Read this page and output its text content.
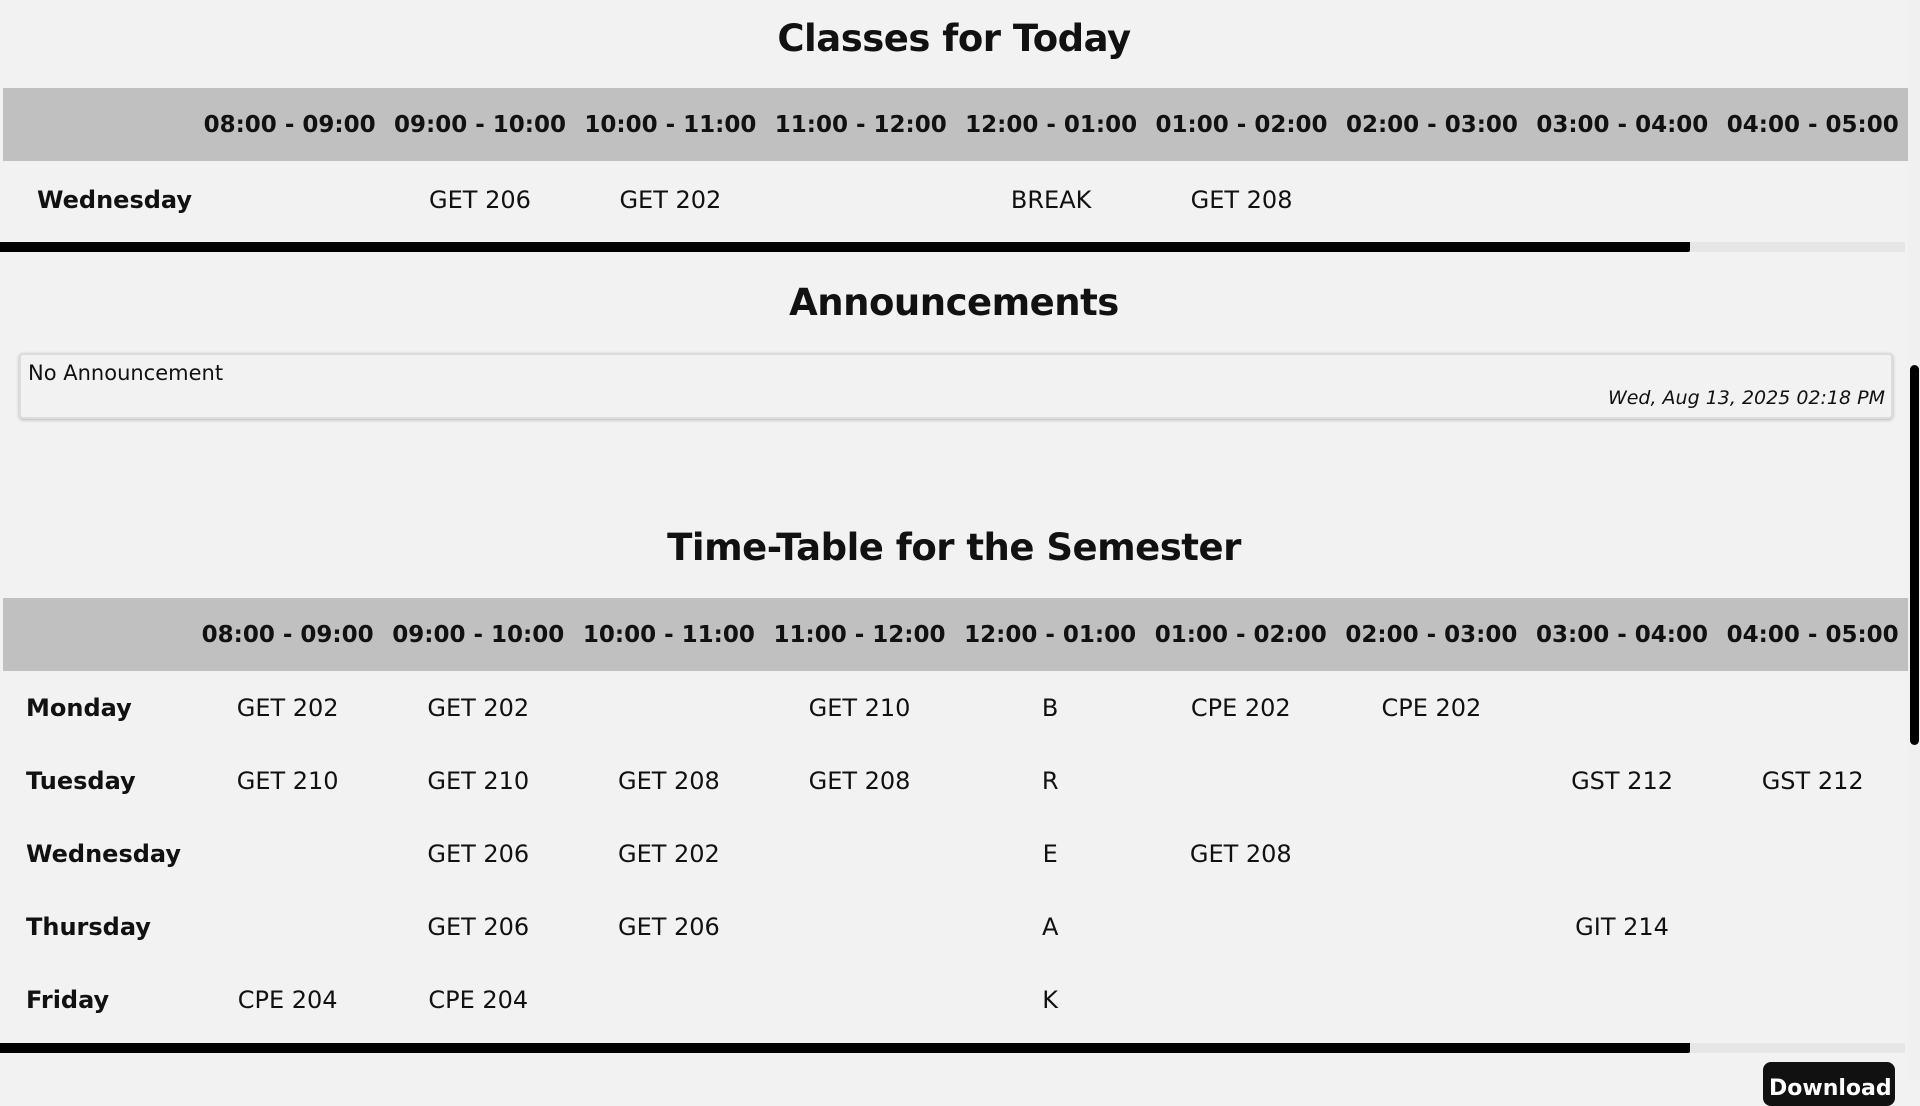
Classes for Today
	08:00 - 09:00	09:00 - 10:00	10:00 - 11:00	11:00 - 12:00	12:00 - 01:00	01:00 - 02:00	02:00 - 03:00	03:00 - 04:00	04:00 - 05:00
Wednesday		GET 206	GET 202		BREAK	GET 208			
Announcements
No Announcement
Wed, Aug 13, 2025 02:18 PM
Time-Table for the Semester
	08:00 - 09:00	09:00 - 10:00	10:00 - 11:00	11:00 - 12:00	12:00 - 01:00	01:00 - 02:00	02:00 - 03:00	03:00 - 04:00	04:00 - 05:00
Monday	GET 202	GET 202		GET 210	B	CPE 202	CPE 202		
Tuesday	GET 210	GET 210	GET 208	GET 208	R			GST 212	GST 212
Wednesday		GET 206	GET 202		E	GET 208			
Thursday		GET 206	GET 206		A			GIT 214	
Friday	CPE 204	CPE 204			K				
Download
